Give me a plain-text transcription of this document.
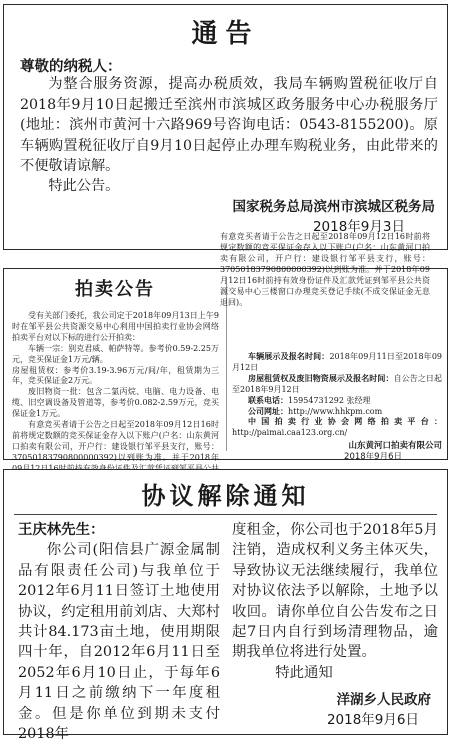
通告
尊敬的纳税人：
为整合服务资源，提高办税质效，我局车辆购置税征收厅自2018年9月10日起搬迁至滨州市滨城区政务服务中心办税服务厅(地址：滨州市黄河十六路969号咨询电话：0543-8155200)。原车辆购置税征收厅自9月10日起停止办理车购税业务，由此带来的不便敬请谅解。
特此公告。
国家税务总局滨州市滨城区税务局
2018年9月3日
拍卖公告

受有关部门委托，我公司定于2018年09月13日上午9时在邹平县公共资源交易中心利用中国拍卖行业协会网络拍卖平台对以下标的进行公开拍卖：

车辆一宗：别克君威、帕萨特等。参考价0.59-2.25万元，竞买保证金1万元/辆。

房屋租赁权：参考价3.19-3.96万元/间/年，租赁期为三年，竞买保证金2万元。

废旧物资一批：包含二氯丙烷、电脑、电力设备、电缆、旧空调设备及管道等，参考价0.082-2.59万元，竞买保证金1万元。

有意竞买者请于公告之日起至2018年09月12日16时前将规定数额的竞买保证金存入以下账户(户名：山东黄河口拍卖有限公司，开户行：建设银行邹平县支行，账号：37050183790800000392)以到账为准。并于2018年

有意竞买者请于公告之日起至2018年09月12日16时前将规定数额的竞买保证金存入以下账户(户名：山东黄河口拍卖有限公司，开户行：建设银行邹平县支行，账号：37050183790800000392)以到账为准。并于2018年09月12日16时前持有效身份证件及汇款凭证到邹平县公共资源交易中心三楼窗口办理竞买登记手续(不成交保证金无息退回)。

车辆展示及报名时间：2018年09月11日至2018年09月12日

房屋租赁权及废旧物资展示及报名时间：自公告之日起至2018年9月12日

联系电话：15954731292 张经理

公司网址：http://www.hhkpm.com

中国拍卖行业协会网络拍卖平台：http://paimai.caa123.org.cn/

山东黄河口拍卖有限公司
2018年9月6日
协议解除通知
王庆林先生：
你公司(阳信县广源金属制品有限责任公司)与我单位于2012年6月11日签订土地使用协议，约定租用前刘店、大郑村共计84.173亩土地，使用期限四十年，自2012年6月11日至2052年6月10日止，于每年6月11日之前缴纳下一年度租金。但是你单位到期未支付2018年
度租金，你公司也于2018年5月注销，造成权利义务主体灭失，导致协议无法继续履行，我单位对协议依法予以解除，土地予以收回。请你单位自公告发布之日起7日内自行到场清理物品，逾期我单位将进行处置。
特此通知
洋湖乡人民政府
2018年9月6日
